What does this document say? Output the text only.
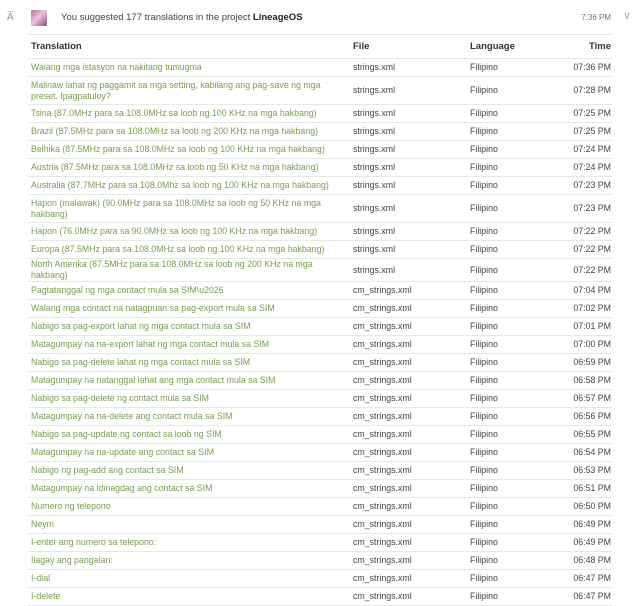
A̅	You suggested 177 translations in the project LineageOS	7:36 PM ∨
Translation	File	Language	Time
Walang mga istasyon na nakitang tumugma	strings.xml	Filipino	07:36 PM
Malinaw lahat ng paggamit sa mga setting, kabilang ang pag-save ng mga preset. Ipagpatuloy?	strings.xml	Filipino	07:28 PM
Tsina (87.0MHz para sa 108.0MHz sa loob ng 100 KHz na mga hakbang)	strings.xml	Filipino	07:25 PM
Brazil (87.5MHz para sa 108.0MHz sa loob ng 200 KHz na mga hakbang)	strings.xml	Filipino	07:25 PM
Belhika (87.5MHz para sa 108.0MHz sa loob ng 100 KHz na mga hakbang)	strings.xml	Filipino	07:24 PM
Austria (87.5MHz para sa 108.0MHz sa loob ng 50 KHz na mga hakbang)	strings.xml	Filipino	07:24 PM
Australia (87.7MHz para sa 108.0Mhz sa loob ng 100 KHz na mga hakbang)	strings.xml	Filipino	07:23 PM
Hapon (malawak) (90.0MHz para sa 108.0MHz sa loob ng 50 KHz na mga hakbang)	strings.xml	Filipino	07:23 PM
Hapon (76.0MHz para sa 90.0MHz sa loob ng 100 KHz na mga hakbang)	strings.xml	Filipino	07:22 PM
Europa (87.5MHz para sa 108.0MHz sa loob ng 100 KHz na mga hakbang)	strings.xml	Filipino	07:22 PM
North Amerika (87.5MHz para sa 108.0MHz sa loob ng 200 KHz na mga hakbang)	strings.xml	Filipino	07:22 PM
Pagtatanggal ng mga contact mula sa SIM\u2026	cm_strings.xml	Filipino	07:04 PM
Walang mga contact na natagpuan sa pag-export mula sa SIM	cm_strings.xml	Filipino	07:02 PM
Nabigo sa pag-export lahat ng mga contact mula sa SIM	cm_strings.xml	Filipino	07:01 PM
Matagumpay na na-export lahat ng mga contact mula sa SIM	cm_strings.xml	Filipino	07:00 PM
Nabigo sa pag-delete lahat ng mga contact mula sa SIM	cm_strings.xml	Filipino	06:59 PM
Matagumpay na natanggal lahat ang mga contact mula sa SIM	cm_strings.xml	Filipino	06:58 PM
Nabigo sa pag-delete ng contact mula sa SIM	cm_strings.xml	Filipino	06:57 PM
Matagumpay na na-delete ang contact mula sa SIM	cm_strings.xml	Filipino	06:56 PM
Nabigo sa pag-update ng contact sa loob ng SIM	cm_strings.xml	Filipino	06:55 PM
Matagumpay na na-update ang contact sa SIM	cm_strings.xml	Filipino	06:54 PM
Nabigo ng pag-add ang contact sa SIM	cm_strings.xml	Filipino	06:53 PM
Matagumpay na idinagdag ang contact sa SIM	cm_strings.xml	Filipino	06:51 PM
Numero ng telepono	cm_strings.xml	Filipino	06:50 PM
Neym	cm_strings.xml	Filipino	06:49 PM
I-enter ang numero sa telepono:	cm_strings.xml	Filipino	06:49 PM
Ilagay ang pangalan:	cm_strings.xml	Filipino	06:48 PM
I-dial	cm_strings.xml	Filipino	06:47 PM
I-delete	cm_strings.xml	Filipino	06:47 PM
